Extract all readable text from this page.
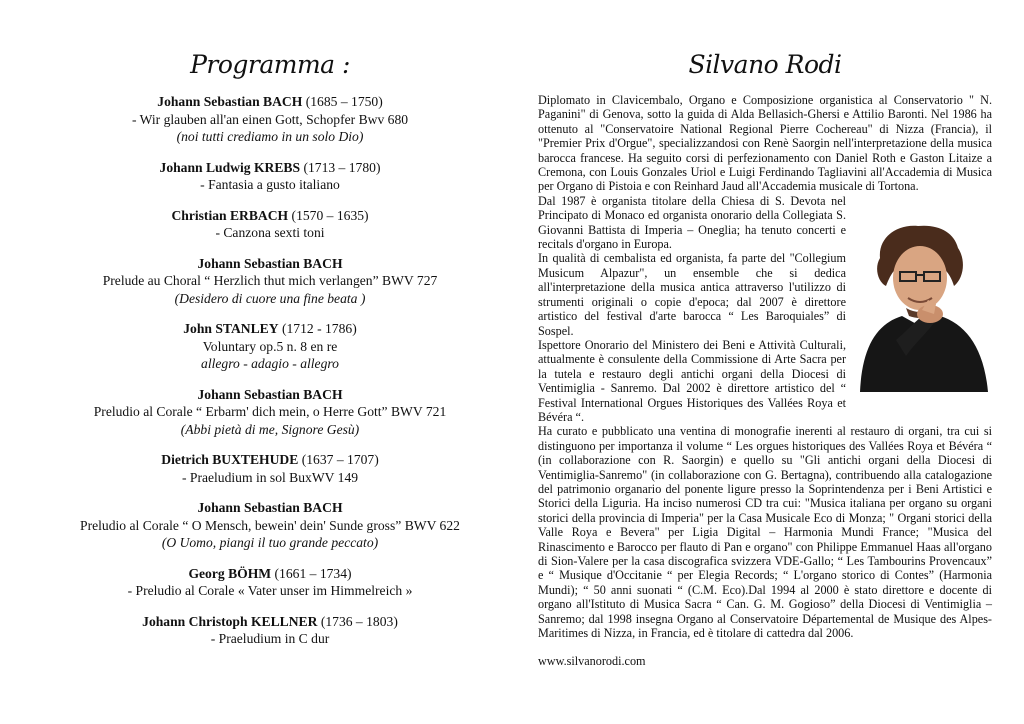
Programma :
Johann Sebastian BACH (1685 – 1750)
- Wir glauben all'an einen Gott, Schopfer Bwv 680
(noi tutti crediamo in un solo Dio)
Johann Ludwig KREBS (1713 – 1780)
- Fantasia a gusto italiano
Christian ERBACH (1570 – 1635)
- Canzona sexti toni
Johann Sebastian BACH
Prelude au Choral “ Herzlich thut mich verlangen” BWV 727
(Desidero di cuore una fine beata )
John STANLEY (1712 - 1786)
Voluntary op.5 n. 8 en re
allegro - adagio - allegro
Johann Sebastian BACH
Preludio al Corale “ Erbarm' dich mein, o Herre Gott” BWV 721
(Abbi pietà di me, Signore Gesù)
Dietrich BUXTEHUDE (1637 – 1707)
- Praeludium in sol BuxWV 149
Johann Sebastian BACH
Preludio al Corale “ O Mensch, bewein' dein' Sunde gross” BWV 622
(O Uomo, piangi il tuo grande peccato)
Georg BÖHM (1661 – 1734)
- Preludio al Corale « Vater unser im Himmelreich »
Johann Christoph KELLNER (1736 – 1803)
- Praeludium in C dur
Silvano Rodi

Diplomato in Clavicembalo, Organo e Composizione organistica al Conservatorio " N. Paganini" di Genova, sotto la guida di Alda Bellasich-Ghersi e Attilio Baronti. Nel 1986 ha ottenuto al "Conservatoire National Regional Pierre Cochereau" di Nizza (Francia), il "Premier Prix d'Orgue", specializzandosi con Renè Saorgin nell'interpretazione della musica barocca francese. Ha seguito corsi di perfezionamento con Daniel Roth e Gaston Litaize a Cremona, con Louis Gonzales Uriol e Luigi Ferdinando Tagliavini all'Accademia di Musica per Organo di Pistoia e con Reinhard Jaud all'Accademia musicale di Tortona.

Dal 1987 è organista titolare della Chiesa di S. Devota nel Principato di Monaco ed organista onorario della Collegiata S. Giovanni Battista di Imperia – Oneglia; ha tenuto concerti e recitals d'organo in Europa.

In qualità di cembalista ed organista, fa parte del "Collegium Musicum Alpazur", un ensemble che si dedica all'interpretazione della musica antica attraverso l'utilizzo di strumenti originali o copie d'epoca; dal 2007 è direttore artistico del festival d'arte barocca “ Les Baroquiales” di Sospel.

Ispettore Onorario del Ministero dei Beni e Attività Culturali, attualmente è consulente della Commissione di Arte Sacra per la tutela e restauro degli antichi organi della Diocesi di Ventimiglia - Sanremo. Dal 2002 è direttore artistico del “ Festival International Orgues Historiques des Vallées Roya et Bévéra “.

Ha curato e pubblicato una ventina di monografie inerenti al restauro di organi, tra cui si distinguono per importanza il volume “ Les orgues historiques des Vallées Roya et Bévéra “ (in collaborazione con R. Saorgin) e quello su "Gli antichi organi della Diocesi di Ventimiglia-Sanremo" (in collaborazione con G. Bertagna), contribuendo alla catalogazione del patrimonio organario del ponente ligure presso la Soprintendenza per i Beni Artistici e Storici della Liguria. Ha inciso numerosi CD tra cui: "Musica italiana per organo su organi storici della provincia di Imperia" per la Casa Musicale Eco di Monza; " Organi storici della Valle Roya e Bevera" per Ligia Digital – Harmonia Mundi France; "Musica del Rinascimento e Barocco per flauto di Pan e organo" con Philippe Emmanuel Haas all'organo di Sion-Valere per la casa discografica svizzera VDE-Gallo; “ Les Tambourins Provencaux” e “ Musique d'Occitanie “ per Elegia Records; “ L'organo storico di Contes” (Harmonia Mundi); “ 50 anni suonati “ (C.M. Eco).Dal 1994 al 2000 è stato direttore e docente di organo all'Istituto di Musica Sacra “ Can. G. M. Gogioso” della Diocesi di Ventimiglia – Sanremo; dal 1998 insegna Organo al Conservatoire Départemental de Musique des Alpes-Maritimes di Nizza, in Francia, ed è titolare di cattedra dal 2006.

www.silvanorodi.com
